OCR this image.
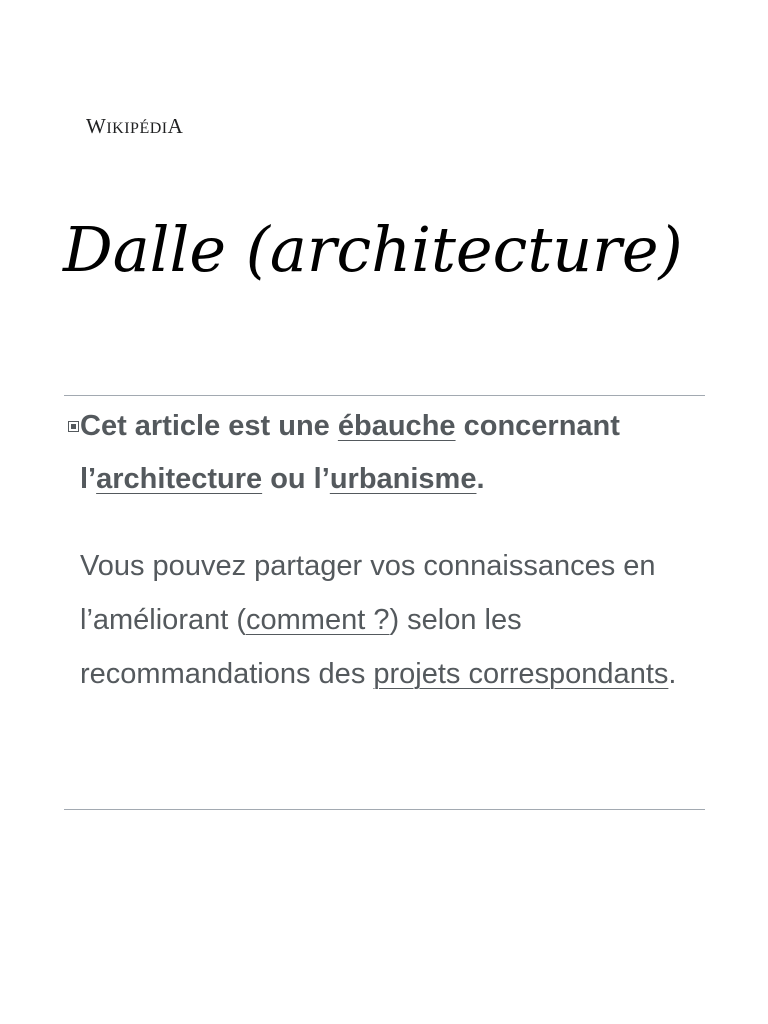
WIKIPÉDIA
Dalle (architecture)

Cet article est une ébauche concernant l’architecture ou l’urbanisme.

Vous pouvez partager vos connaissances en l’améliorant (comment ?) selon les recommandations des projets correspondants.
